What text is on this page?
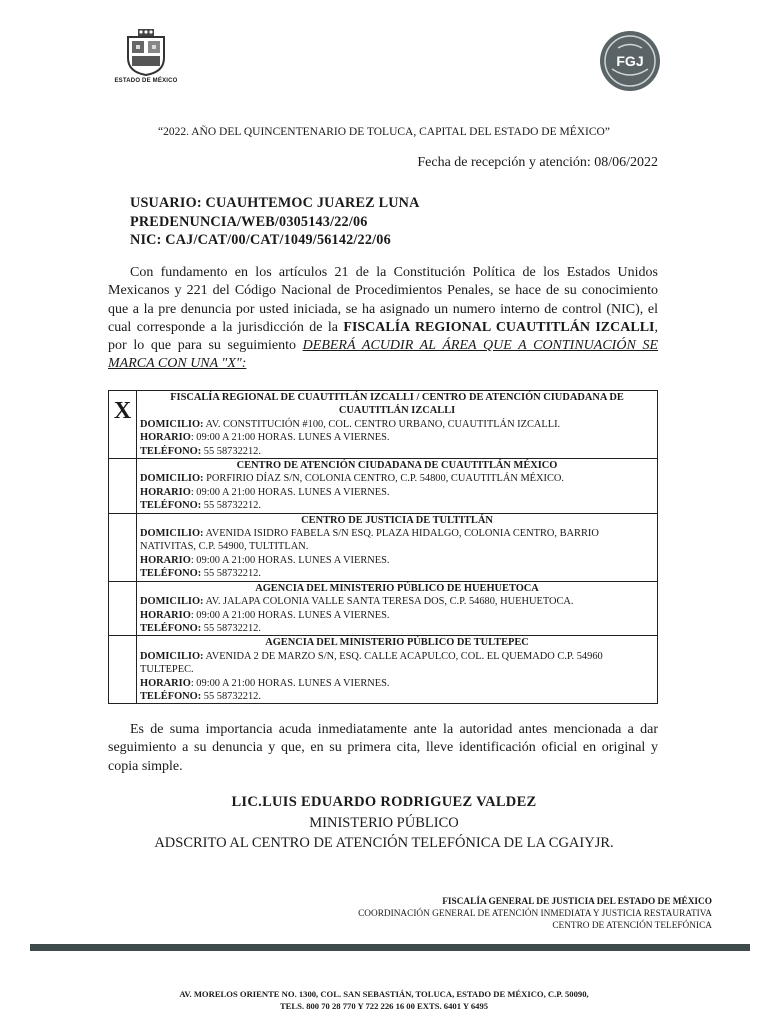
ESTADO DE MÉXICO
FGJ
“2022. AÑO DEL QUINCENTENARIO DE TOLUCA, CAPITAL DEL ESTADO DE MÉXICO”
Fecha de recepción y atención: 08/06/2022
USUARIO: CUAUHTEMOC JUAREZ LUNA
PREDENUNCIA/WEB/0305143/22/06
NIC: CAJ/CAT/00/CAT/1049/56142/22/06
Con fundamento en los artículos 21 de la Constitución Política de los Estados Unidos Mexicanos y 221 del Código Nacional de Procedimientos Penales, se hace de su conocimiento que a la pre denuncia por usted iniciada, se ha asignado un numero interno de control (NIC), el cual corresponde a la jurisdicción de la FISCALÍA REGIONAL CUAUTITLÁN IZCALLI, por lo que para su seguimiento DEBERÁ ACUDIR AL ÁREA QUE A CONTINUACIÓN SE MARCA CON UNA "X":
X	FISCALÍA REGIONAL DE CUAUTITLÁN IZCALLI / CENTRO DE ATENCIÓN CIUDADANA DE CUAUTITLÁN IZCALLI
DOMICILIO: AV. CONSTITUCIÓN #100, COL. CENTRO URBANO, CUAUTITLÁN IZCALLI.
HORARIO: 09:00 A 21:00 HORAS. LUNES A VIERNES.
TELÉFONO: 55 58732212.

	CENTRO DE ATENCIÓN CIUDADANA DE CUAUTITLÁN MÉXICO
DOMICILIO: PORFIRIO DÍAZ S/N, COLONIA CENTRO, C.P. 54800, CUAUTITLÁN MÉXICO.
HORARIO: 09:00 A 21:00 HORAS. LUNES A VIERNES.
TELÉFONO: 55 58732212.

	CENTRO DE JUSTICIA DE TULTITLÁN
DOMICILIO: AVENIDA ISIDRO FABELA S/N ESQ. PLAZA HIDALGO, COLONIA CENTRO, BARRIO NATIVITAS, C.P. 54900, TULTITLAN.
HORARIO: 09:00 A 21:00 HORAS. LUNES A VIERNES.
TELÉFONO: 55 58732212.

	AGENCIA DEL MINISTERIO PÚBLICO DE HUEHUETOCA
DOMICILIO: AV. JALAPA COLONIA VALLE SANTA TERESA DOS, C.P. 54680, HUEHUETOCA.
HORARIO: 09:00 A 21:00 HORAS. LUNES A VIERNES.
TELÉFONO: 55 58732212.

	AGENCIA DEL MINISTERIO PÚBLICO DE TULTEPEC
DOMICILIO: AVENIDA 2 DE MARZO S/N, ESQ. CALLE ACAPULCO, COL. EL QUEMADO C.P. 54960 TULTEPEC.
HORARIO: 09:00 A 21:00 HORAS. LUNES A VIERNES.
TELÉFONO: 55 58732212.
Es de suma importancia acuda inmediatamente ante la autoridad antes mencionada a dar seguimiento a su denuncia y que, en su primera cita, lleve identificación oficial en original y copia simple.
LIC.LUIS EDUARDO RODRIGUEZ VALDEZ
MINISTERIO PÚBLICO
ADSCRITO AL CENTRO DE ATENCIÓN TELEFÓNICA DE LA CGAIYJR.
FISCALÍA GENERAL DE JUSTICIA DEL ESTADO DE MÉXICO
COORDINACIÓN GENERAL DE ATENCIÓN INMEDIATA Y JUSTICIA RESTAURATIVA
CENTRO DE ATENCIÓN TELEFÓNICA
AV. MORELOS ORIENTE NO. 1300, COL. SAN SEBASTIÁN, TOLUCA, ESTADO DE MÉXICO, C.P. 50090,
TELS. 800 70 28 770 Y 722 226 16 00 EXTS. 6401 Y 6495
